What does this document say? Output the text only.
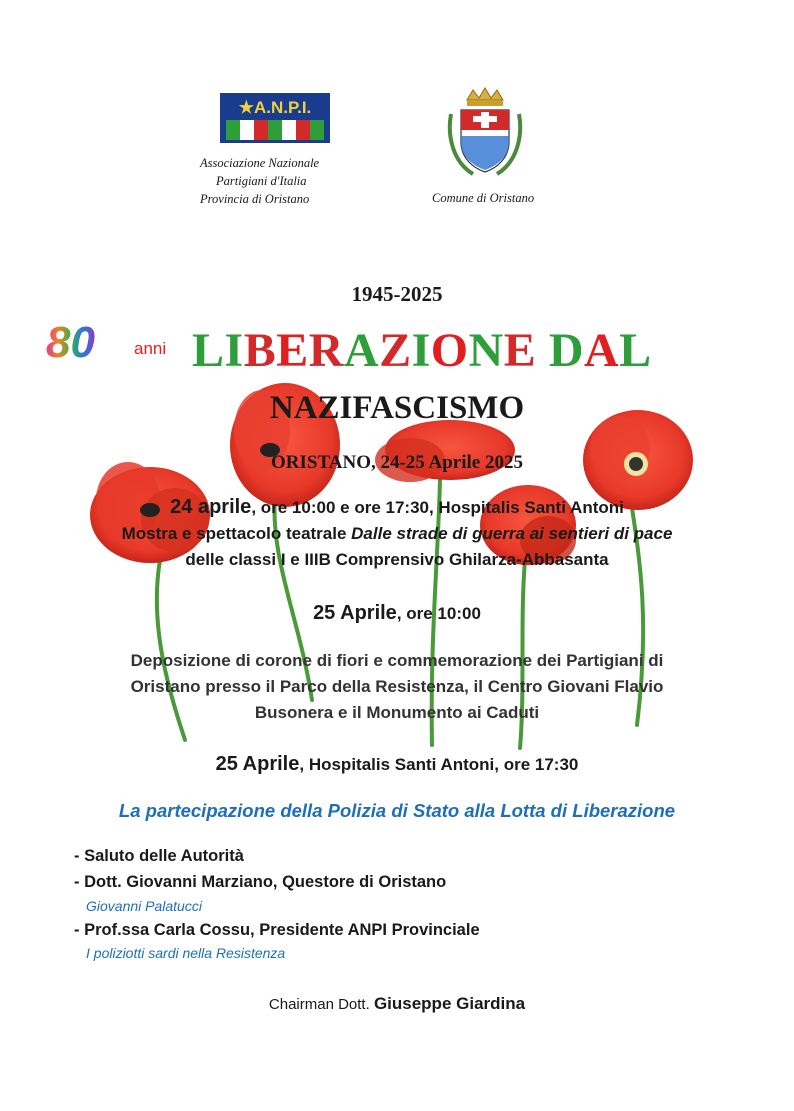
★A.N.P.I.
Associazione Nazionale
Partigiani d'Italia
Provincia di Oristano	Comune di Oristano
1945-2025
80 anni LIBERAZIONE DAL
NAZIFASCISMO
ORISTANO, 24-25 Aprile 2025
24 aprile, ore 10:00 e ore 17:30, Hospitalis Santi Antoni
Mostra e spettacolo teatrale Dalle strade di guerra ai sentieri di pace
delle classi I e IIIB Comprensivo Ghilarza-Abbasanta
25 Aprile, ore 10:00
Deposizione di corone di fiori e commemorazione dei Partigiani di
Oristano presso il Parco della Resistenza, il Centro Giovani Flavio
Busonera e il Monumento ai Caduti
25 Aprile, Hospitalis Santi Antoni, ore 17:30
La partecipazione della Polizia di Stato alla Lotta di Liberazione
- Saluto delle Autorità
- Dott. Giovanni Marziano, Questore di Oristano
Giovanni Palatucci
- Prof.ssa Carla Cossu, Presidente ANPI Provinciale
I poliziotti sardi nella Resistenza
Chairman Dott. Giuseppe Giardina
